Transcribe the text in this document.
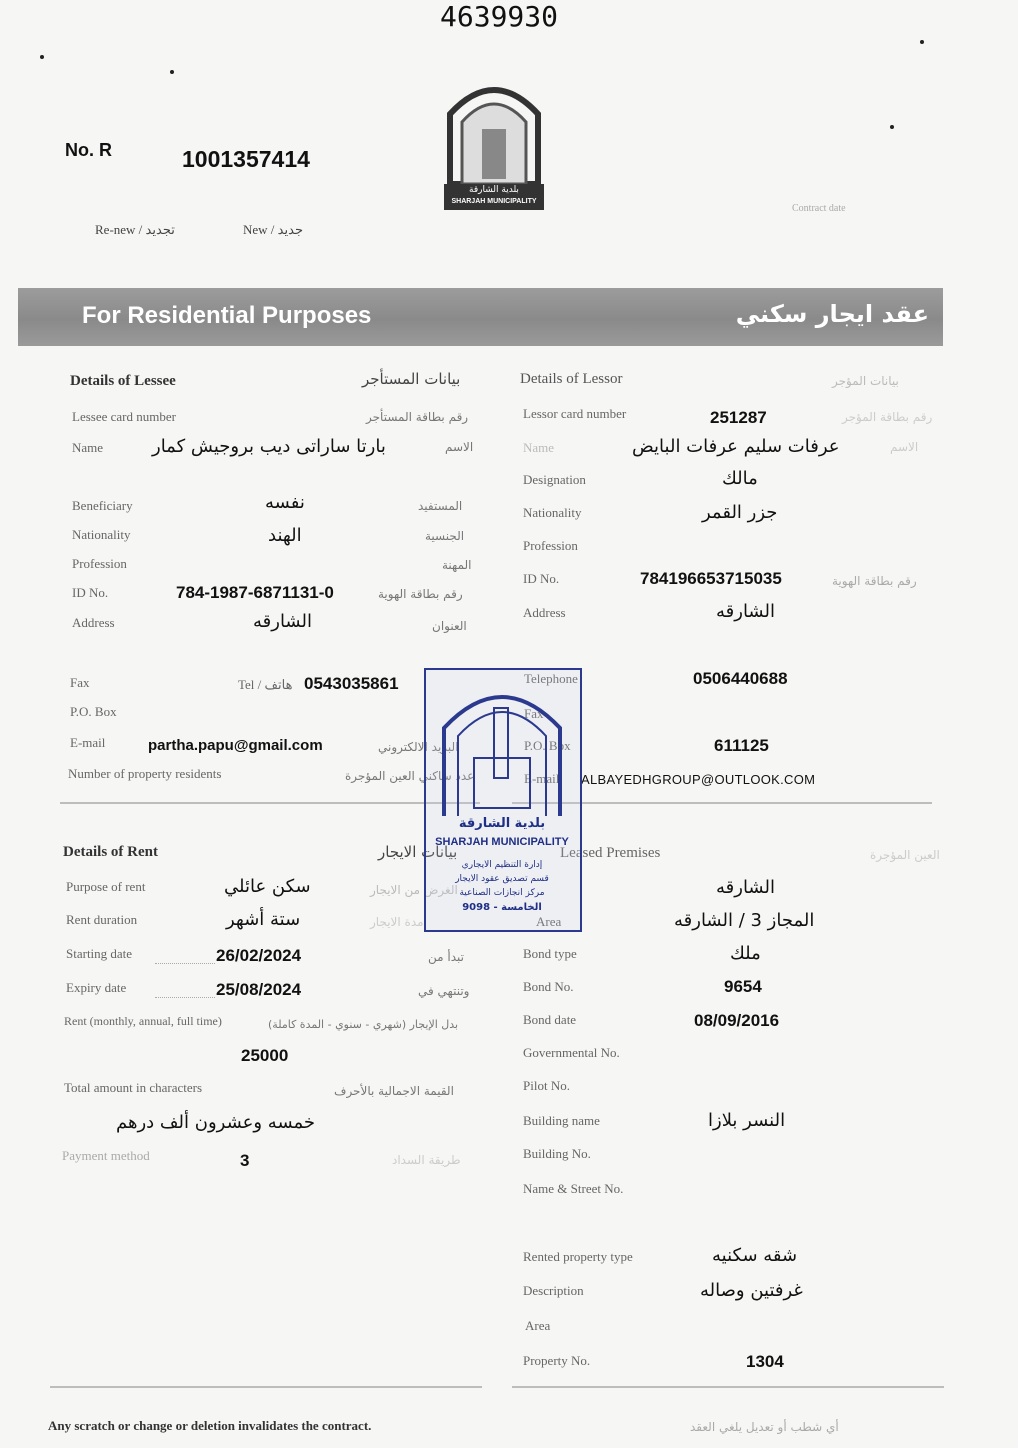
4639930
No. R	1001357414
Re-new / تجديد	New / جديد
Contract date
بلدية الشارقة
SHARJAH MUNICIPALITY
For Residential Purposes	عقد ايجار سكني
Details of Lessee	بيانات المستأجر
Lessee card number	رقم بطاقة المستأجر
Name	بارتا ساراتى ديب بروجيش كمار	الاسم
Beneficiary	نفسه	المستفيد
Nationality	الهند	الجنسية
Profession	المهنة
ID No.	784-1987-6871131-0	رقم بطاقة الهوية
Address	الشارقه	العنوان
Fax	Tel / هاتف 0543035861
P.O. Box
E-mail	partha.papu@gmail.com	البريد الالكتروني
Number of property residents	عدد ساكني العين المؤجرة
Details of Lessor	بيانات المؤجر
Lessor card number	251287	رقم بطاقة المؤجر
Name	عرفات سليم عرفات البايض	الاسم
Designation	مالك
Nationality	جزر القمر
Profession
ID No.	784196653715035	رقم بطاقة الهوية
Address	الشارقه
Telephone	0506440688
Fax
P.O. Box	611125
E-mail ALBAYEDHGROUP@OUTLOOK.COM
Details of Rent	بيانات الايجار
Purpose of rent	سكن عائلي	الغرض من الايجار
Rent duration	ستة أشهر	مدة الايجار
Starting date	26/02/2024	تبدأ من
Expiry date	25/08/2024	وتنتهي في
Rent (monthly, annual, full time)	بدل الإيجار (شهري - سنوي - المدة كاملة)
25000
Total amount in characters	القيمة الاجمالية بالأحرف
خمسه وعشرون ألف درهم
Payment method	3	طريقة السداد
Leased Premises	العين المؤجرة
الشارقه
Area	المجاز 3 / الشارقه
Bond type	ملك
Bond No.	9654
Bond date	08/09/2016
Governmental No.
Pilot No.
Building name	النسر بلازا
Building No.
Name & Street No.
Rented property type	شقه سكنيه
Description	غرفتين وصاله
Area
Property No.	1304
بلدية الشارقة
SHARJAH MUNICIPALITY
إدارة التنظيم الايجاري
قسم تصديق عقود الايجار
مركز انجازات الصناعية
الخامسة - 9098
Any scratch or change or deletion invalidates the contract.	أي شطب أو تعديل يلغي العقد
